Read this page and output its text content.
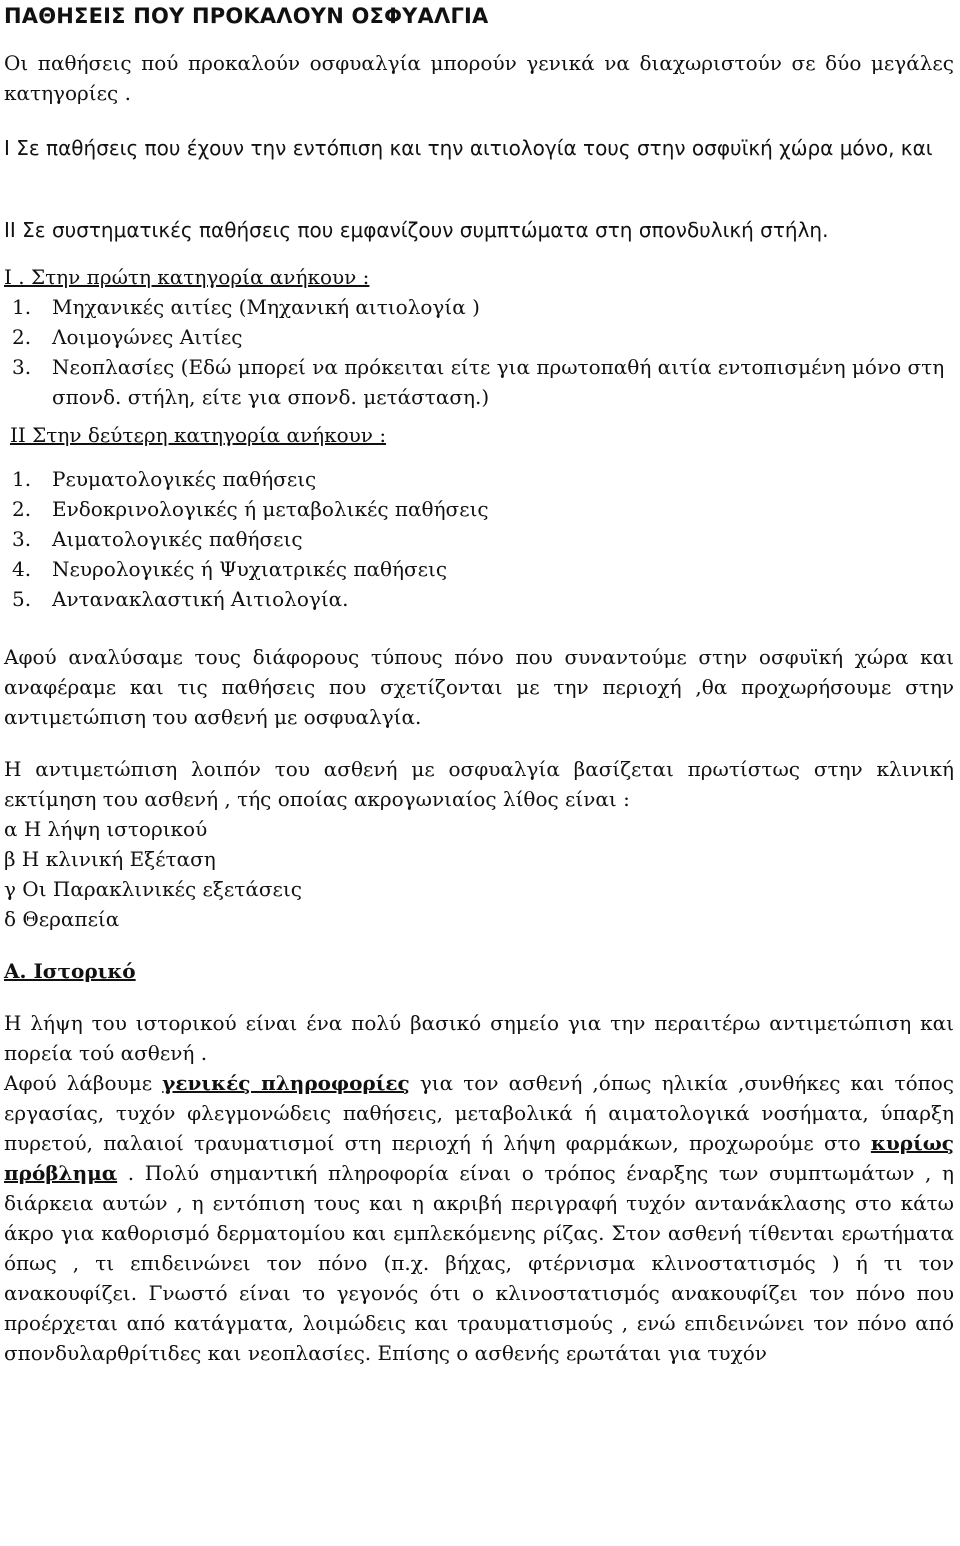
ΠΑΘΗΣΕΙΣ ΠΟΥ ΠΡΟΚΑΛΟΥΝ ΟΣΦΥΑΛΓΙΑ

Οι παθήσεις πού προκαλούν οσφυαλγία μπορούν γενικά να διαχωριστούν σε δύο μεγάλες κατηγορίες .

I Σε παθήσεις που έχουν την εντόπιση και την αιτιολογία τους στην οσφυϊκή χώρα μόνο, και

II Σε συστηματικές παθήσεις που εμφανίζουν συμπτώματα στη σπονδυλική στήλη.

I . Στην πρώτη κατηγορία ανήκουν :

1. Μηχανικές αιτίες (Μηχανική αιτιολογία )
2. Λοιμογώνες Αιτίες
3. Νεοπλασίες (Εδώ μπορεί να πρόκειται είτε για πρωτοπαθή αιτία εντοπισμένη μόνο στη σπονδ. στήλη, είτε για σπονδ. μετάσταση.)

II Στην δεύτερη κατηγορία ανήκουν :

1. Ρευματολογικές παθήσεις
2. Ενδοκρινολογικές ή μεταβολικές παθήσεις
3. Αιματολογικές παθήσεις
4. Νευρολογικές ή Ψυχιατρικές παθήσεις
5. Αντανακλαστική Αιτιολογία.

Αφού αναλύσαμε τους διάφορους τύπους πόνο που συναντούμε στην οσφυϊκή χώρα και αναφέραμε και τις παθήσεις που σχετίζονται με την περιοχή ,θα προχωρήσουμε στην αντιμετώπιση του ασθενή με οσφυαλγία.

Η αντιμετώπιση λοιπόν του ασθενή με οσφυαλγία βασίζεται πρωτίστως στην κλινική εκτίμηση του ασθενή , τής οποίας ακρογωνιαίος λίθος είναι :

α Η λήψη ιστορικού

β Η κλινική Εξέταση

γ Οι Παρακλινικές εξετάσεις

δ Θεραπεία

Α. Ιστορικό

Η λήψη του ιστορικού είναι ένα πολύ βασικό σημείο για την περαιτέρω αντιμετώπιση και πορεία τού ασθενή .

Αφού λάβουμε γενικές πληροφορίες για τον ασθενή ,όπως ηλικία ,συνθήκες και τόπος εργασίας, τυχόν φλεγμονώδεις παθήσεις, μεταβολικά ή αιματολογικά νοσήματα, ύπαρξη πυρετού, παλαιοί τραυματισμοί στη περιοχή ή λήψη φαρμάκων, προχωρούμε στο κυρίως πρόβλημα . Πολύ σημαντική πληροφορία είναι ο τρόπος έναρξης των συμπτωμάτων , η διάρκεια αυτών , η εντόπιση τους και η ακριβή περιγραφή τυχόν αντανάκλασης στο κάτω άκρο για καθορισμό δερματομίου και εμπλεκόμενης ρίζας. Στον ασθενή τίθενται ερωτήματα όπως , τι επιδεινώνει τον πόνο (π.χ. βήχας, φτέρνισμα κλινοστατισμός ) ή τι τον ανακουφίζει. Γνωστό είναι το γεγονός ότι ο κλινοστατισμός ανακουφίζει τον πόνο που προέρχεται από κατάγματα, λοιμώδεις και τραυματισμούς , ενώ επιδεινώνει τον πόνο από σπονδυλαρθρίτιδες και νεοπλασίες. Επίσης ο ασθενής ερωτάται για τυχόν
